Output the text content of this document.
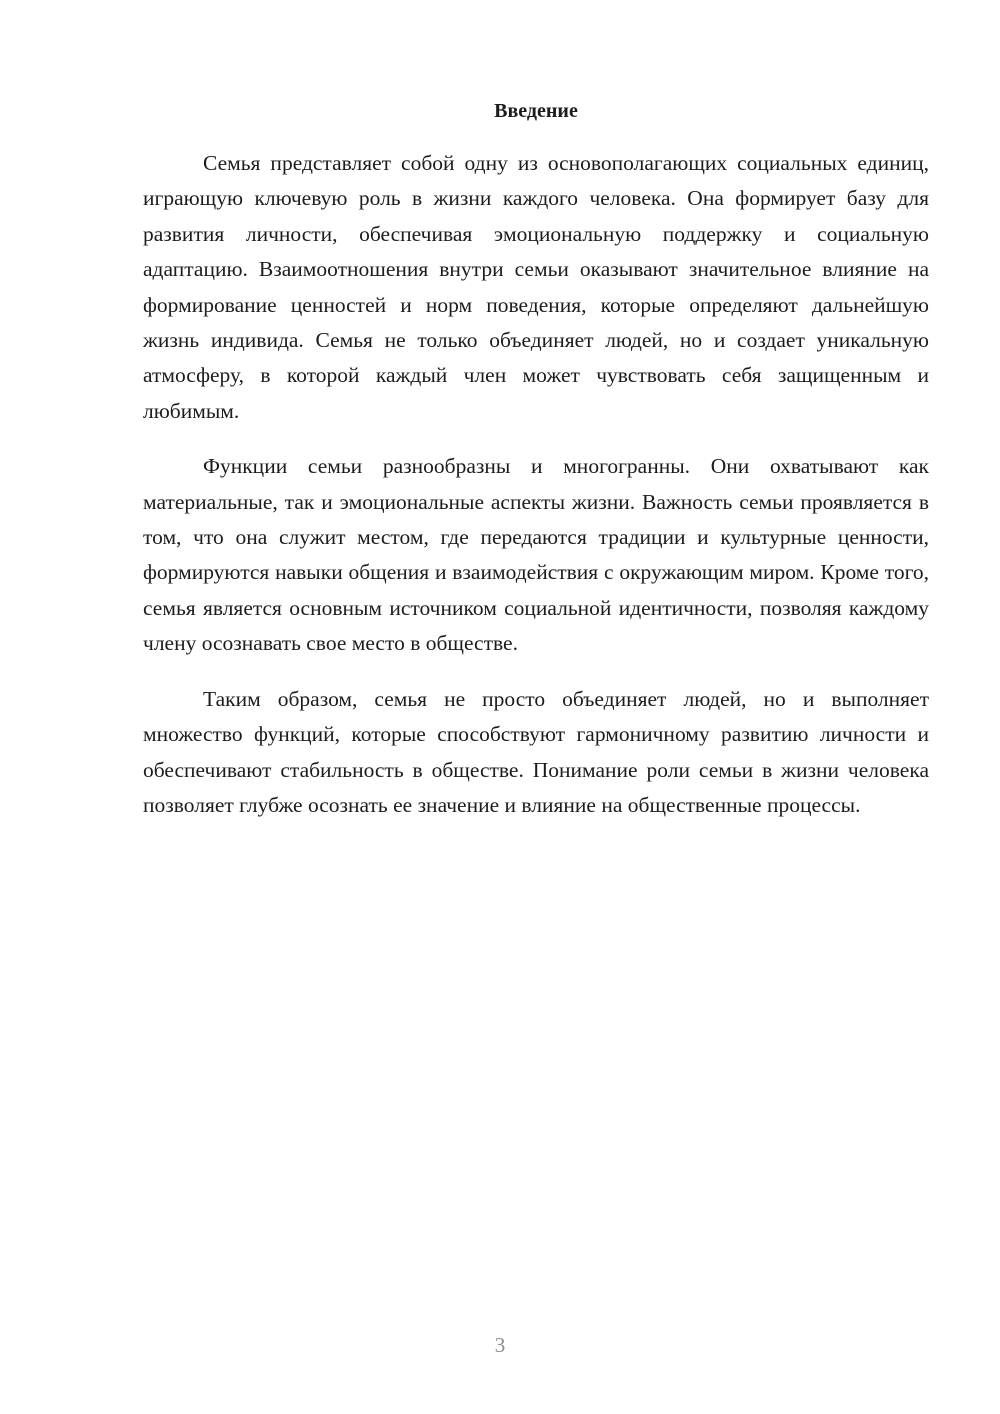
Введение

Семья представляет собой одну из основополагающих социальных единиц, играющую ключевую роль в жизни каждого человека. Она формирует базу для развития личности, обеспечивая эмоциональную поддержку и социальную адаптацию. Взаимоотношения внутри семьи оказывают значительное влияние на формирование ценностей и норм поведения, которые определяют дальнейшую жизнь индивида. Семья не только объединяет людей, но и создает уникальную атмосферу, в которой каждый член может чувствовать себя защищенным и любимым.

Функции семьи разнообразны и многогранны. Они охватывают как материальные, так и эмоциональные аспекты жизни. Важность семьи проявляется в том, что она служит местом, где передаются традиции и культурные ценности, формируются навыки общения и взаимодействия с окружающим миром. Кроме того, семья является основным источником социальной идентичности, позволяя каждому члену осознавать свое место в обществе.

Таким образом, семья не просто объединяет людей, но и выполняет множество функций, которые способствуют гармоничному развитию личности и обеспечивают стабильность в обществе. Понимание роли семьи в жизни человека позволяет глубже осознать ее значение и влияние на общественные процессы.

3
